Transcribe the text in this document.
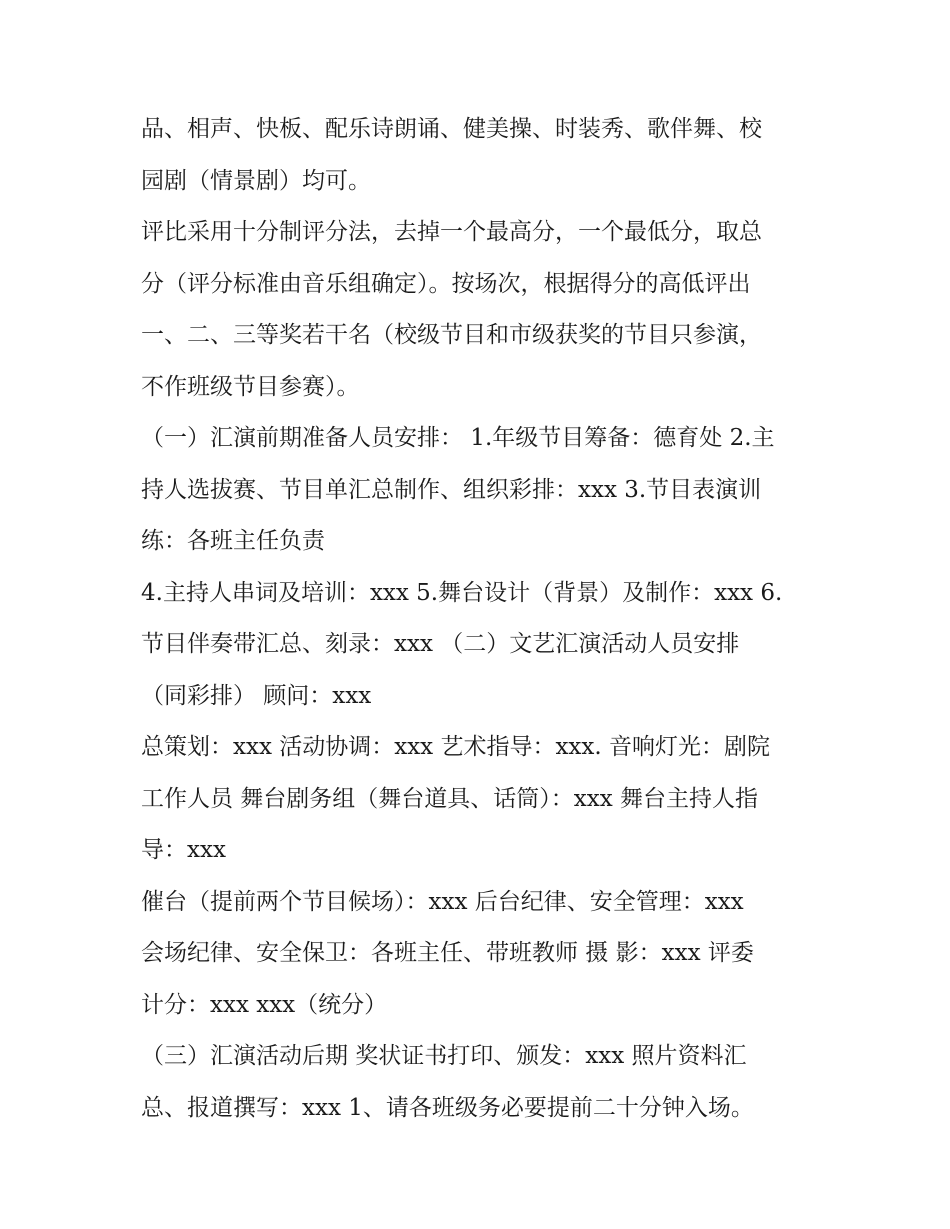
品、相声、快板、配乐诗朗诵、健美操、时装秀、歌伴舞、校
园剧（情景剧）均可。
评比采用十分制评分法，去掉一个最高分，一个最低分，取总
分（评分标准由音乐组确定）。按场次，根据得分的高低评出
一、二、三等奖若干名（校级节目和市级获奖的节目只参演，
不作班级节目参赛）。
（一）汇演前期准备人员安排： 1.年级节目筹备：德育处 2.主
持人选拔赛、节目单汇总制作、组织彩排：xxx 3.节目表演训
练：各班主任负责
4.主持人串词及培训：xxx 5.舞台设计（背景）及制作：xxx 6.
节目伴奏带汇总、刻录：xxx （二）文艺汇演活动人员安排
（同彩排） 顾问：xxx
总策划：xxx 活动协调：xxx 艺术指导：xxx. 音响灯光：剧院
工作人员 舞台剧务组（舞台道具、话筒）：xxx 舞台主持人指
导：xxx
催台（提前两个节目候场）：xxx 后台纪律、安全管理：xxx
会场纪律、安全保卫：各班主任、带班教师 摄 影：xxx 评委
计分：xxx xxx（统分）
（三）汇演活动后期 奖状证书打印、颁发：xxx 照片资料汇
总、报道撰写：xxx 1、请各班级务必要提前二十分钟入场。
